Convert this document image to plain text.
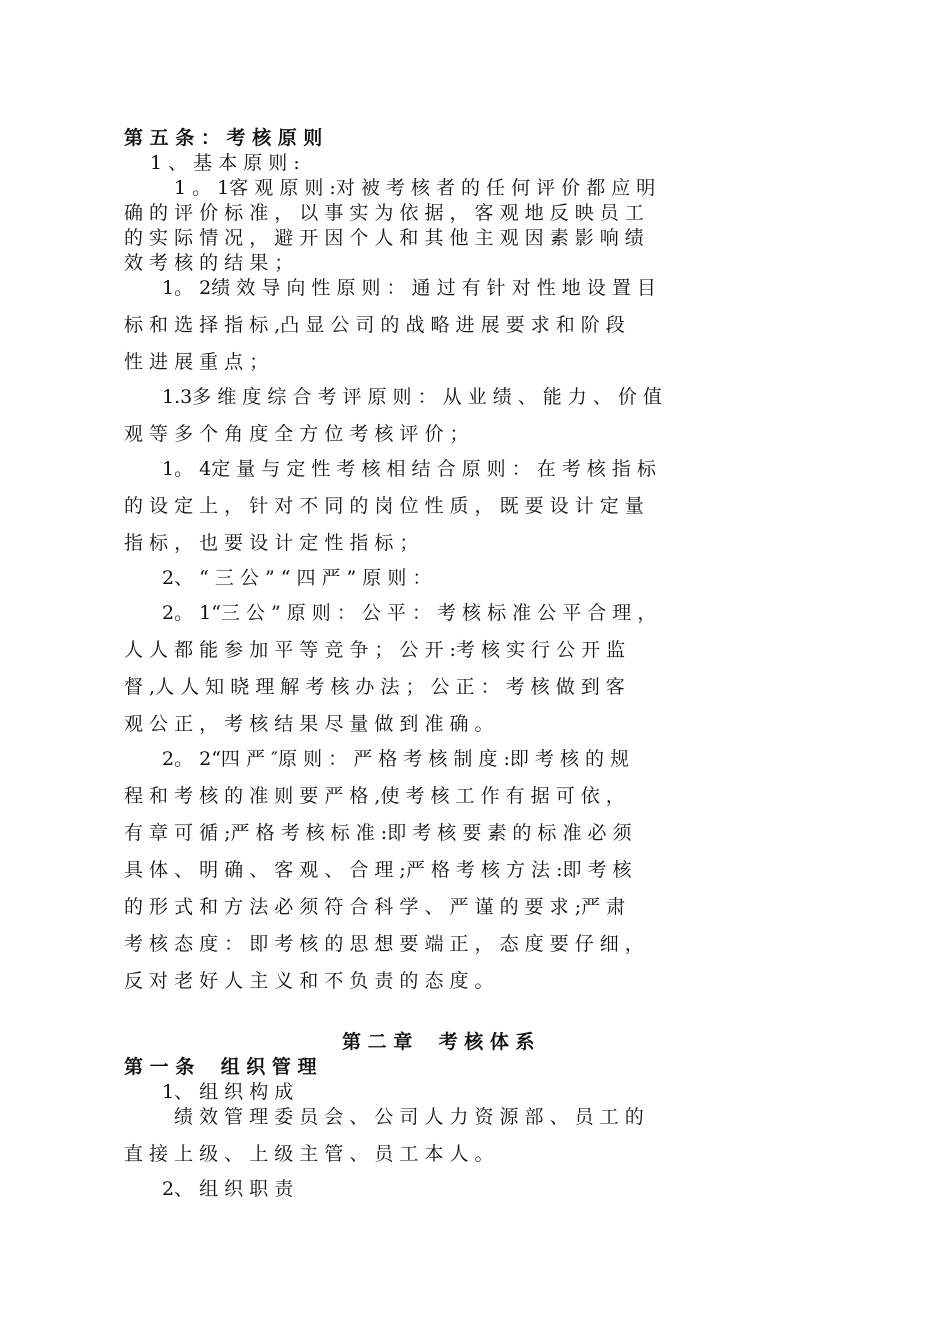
第 五 条 ： 考 核 原 则
1 、 基 本 原 则 :
1 。 1客 观 原 则 :对 被 考 核 者 的 任 何 评 价 都 应 明
确 的 评 价 标 准 ， 以 事 实 为 依 据 ， 客 观 地 反 映 员 工
的 实 际 情 况 ， 避 开 因 个 人 和 其 他 主 观 因 素 影 响 绩
效 考 核 的 结 果 ；
1。 2绩 效 导 向 性 原 则 ： 通 过 有 针 对 性 地 设 置 目
标 和 选 择 指 标 ,凸 显 公 司 的 战 略 进 展 要 求 和 阶 段
性 进 展 重 点 ；
1.3多 维 度 综 合 考 评 原 则 ： 从 业 绩 、 能 力 、 价 值
观 等 多 个 角 度 全 方 位 考 核 评 价 ；
1。 4定 量 与 定 性 考 核 相 结 合 原 则 ： 在 考 核 指 标
的 设 定 上 ， 针 对 不 同 的 岗 位 性 质 ， 既 要 设 计 定 量
指 标 ， 也 要 设 计 定 性 指 标 ；
2、 “ 三 公 ” “ 四 严 ” 原 则 ：
2。 1“三 公 ” 原 则 ： 公 平 ： 考 核 标 准 公 平 合 理 ，
人 人 都 能 参 加 平 等 竞 争 ； 公 开 :考 核 实 行 公 开 监
督 ,人 人 知 晓 理 解 考 核 办 法 ； 公 正 ： 考 核 做 到 客
观 公 正 ， 考 核 结 果 尽 量 做 到 准 确 。
2。 2“四 严 ″原 则 ： 严 格 考 核 制 度 :即 考 核 的 规
程 和 考 核 的 准 则 要 严 格 ,使 考 核 工 作 有 据 可 依 ，
有 章 可 循 ;严 格 考 核 标 准 :即 考 核 要 素 的 标 准 必 须
具 体 、 明 确 、 客 观 、 合 理 ;严 格 考 核 方 法 :即 考 核
的 形 式 和 方 法 必 须 符 合 科 学 、 严 谨 的 要 求 ;严 肃
考 核 态 度 ： 即 考 核 的 思 想 要 端 正 ， 态 度 要 仔 细 ，
反 对 老 好 人 主 义 和 不 负 责 的 态 度 。
第 二 章    考 核 体 系
第 一 条    组 织 管 理
1、 组 织 构 成
绩 效 管 理 委 员 会 、 公 司 人 力 资 源 部 、 员 工 的
直 接 上 级 、 上 级 主 管 、 员 工 本 人 。
2、 组 织 职 责
